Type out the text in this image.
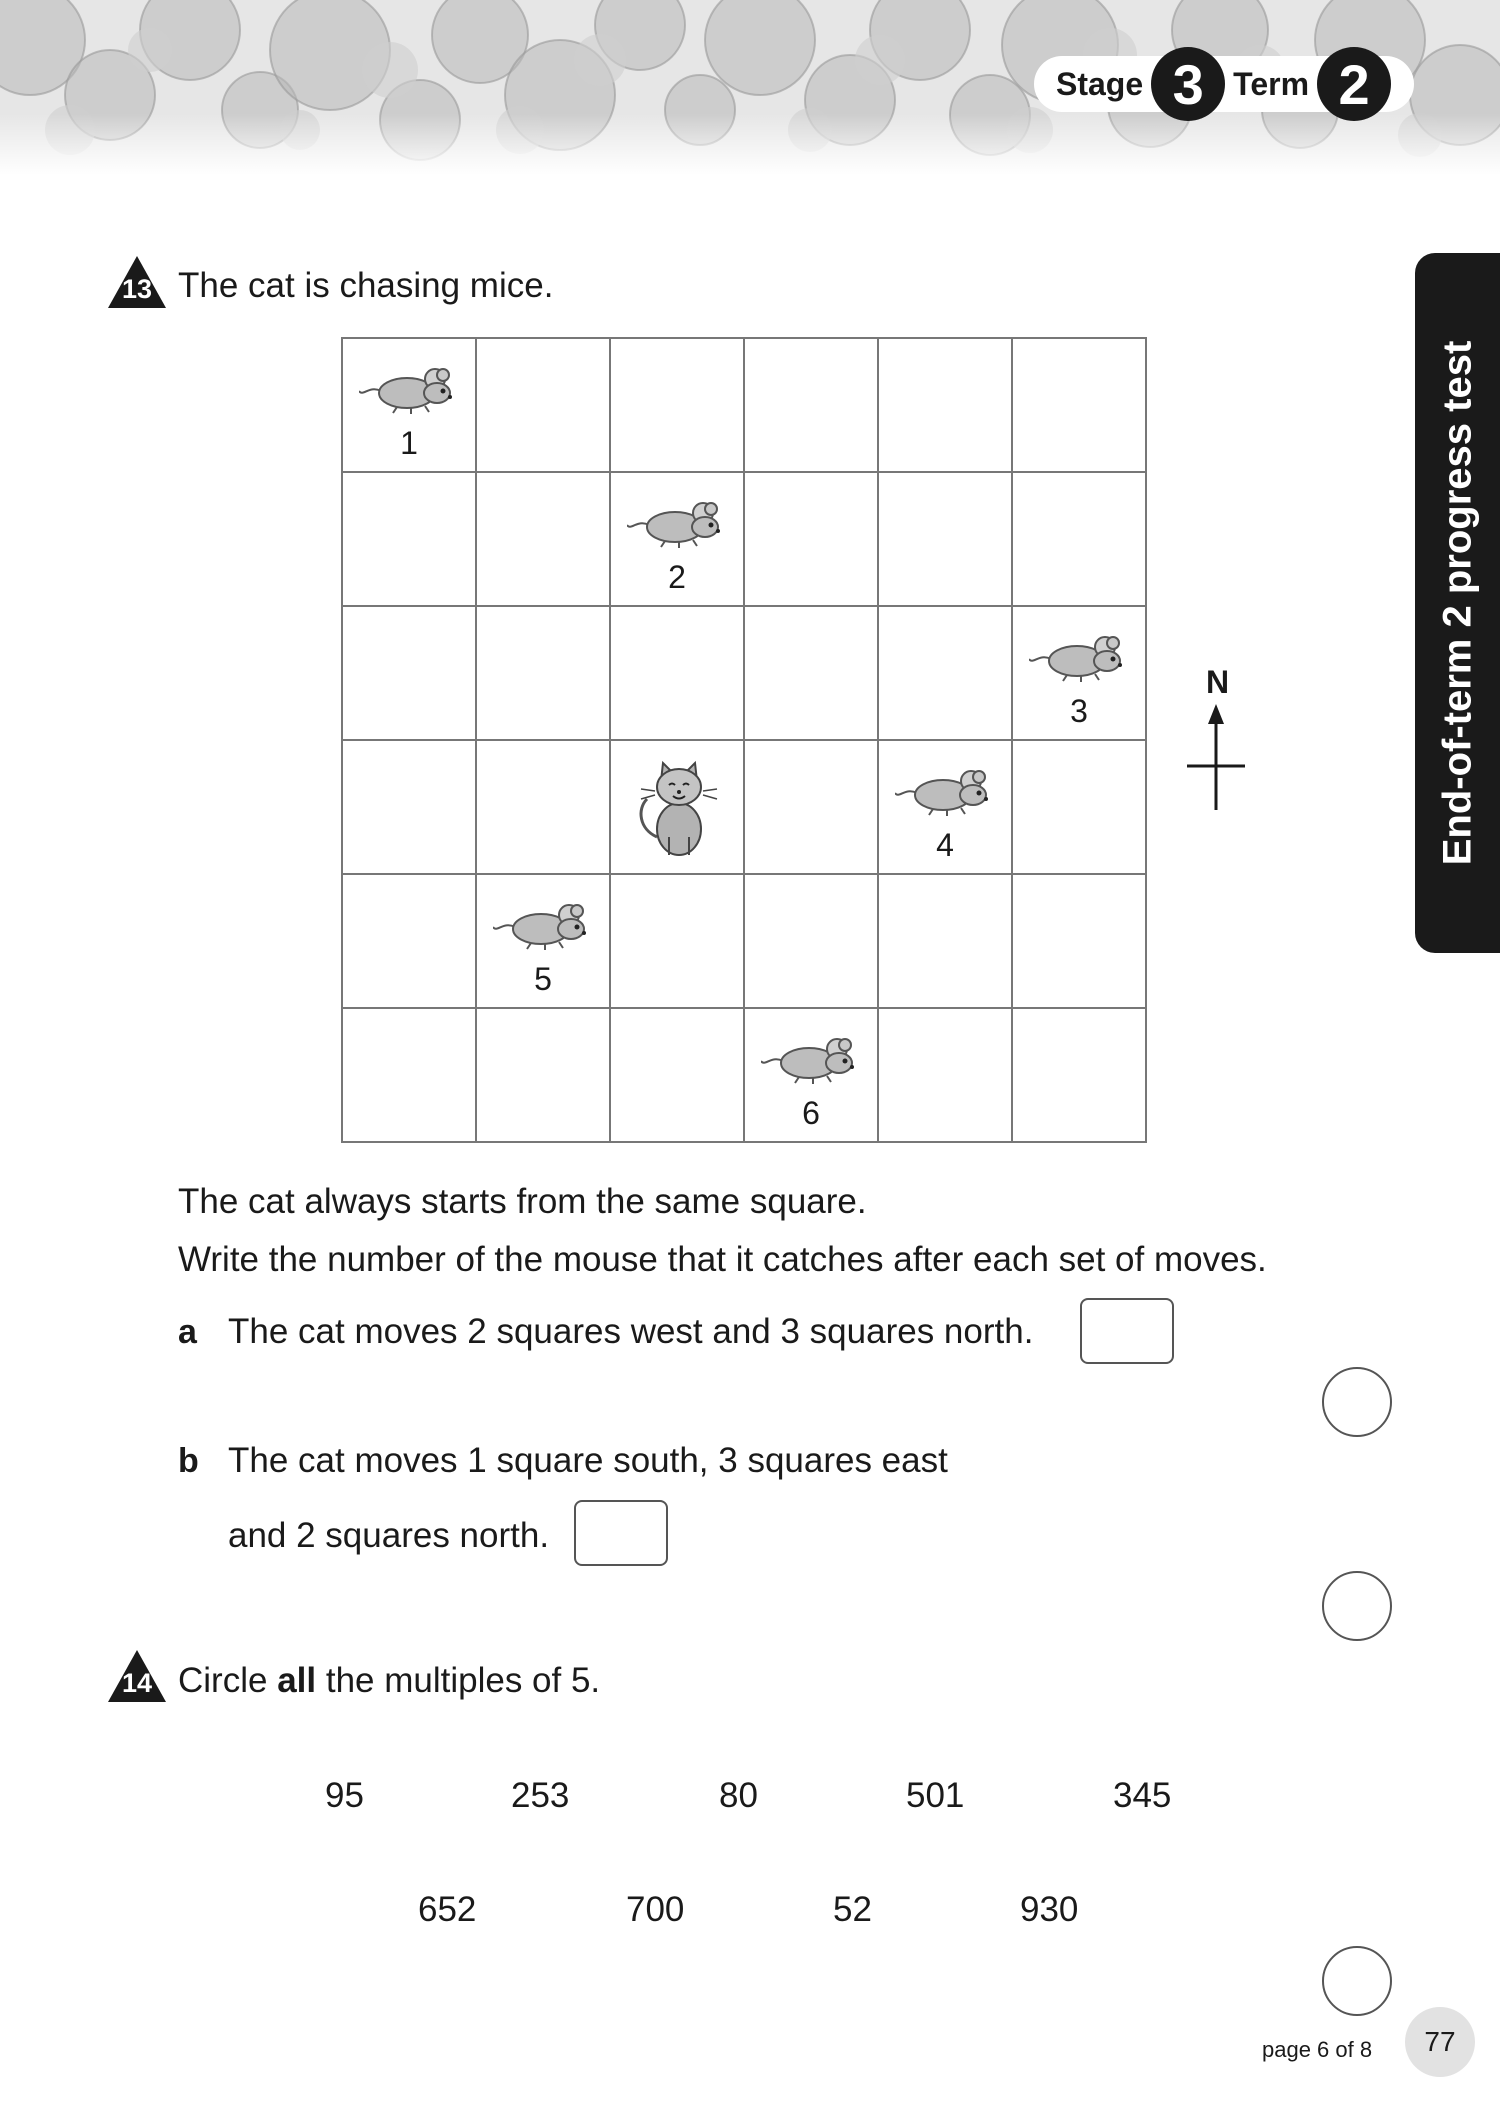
Stage 3 Term 2
End-of-term 2 progress test
13 The cat is chasing mice.
1
2
3
4
5
6
N
The cat always starts from the same square.
Write the number of the mouse that it catches after each set of moves.
a The cat moves 2 squares west and 3 squares north.
b The cat moves 1 square south, 3 squares east
and 2 squares north.
14 Circle all the multiples of 5.
95	253	80	501	345
652	700	52	930
page 6 of 8 77
